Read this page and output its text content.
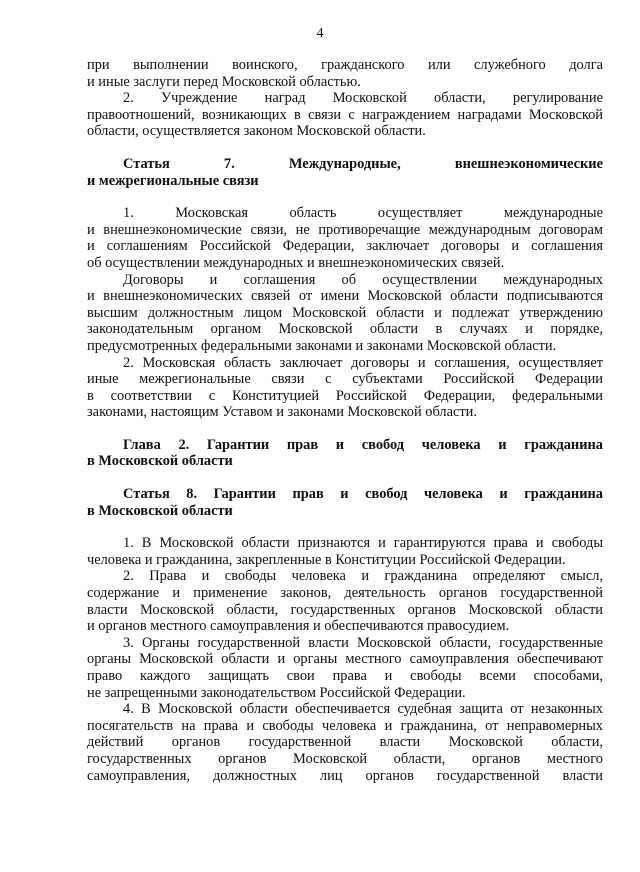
4
при выполнении воинского, гражданского или служебного долга
и иные заслуги перед Московской областью.
2. Учреждение наград Московской области, регулирование
правоотношений, возникающих в связи с награждением наградами Московской
области, осуществляется законом Московской области.
Статья 7. Международные, внешнеэкономические
и межрегиональные связи
1. Московская область осуществляет международные
и внешнеэкономические связи, не противоречащие международным договорам
и соглашениям Российской Федерации, заключает договоры и соглашения
об осуществлении международных и внешнеэкономических связей.
Договоры и соглашения об осуществлении международных
и внешнеэкономических связей от имени Московской области подписываются
высшим должностным лицом Московской области и подлежат утверждению
законодательным органом Московской области в случаях и порядке,
предусмотренных федеральными законами и законами Московской области.
2. Московская область заключает договоры и соглашения, осуществляет
иные межрегиональные связи с субъектами Российской Федерации
в соответствии с Конституцией Российской Федерации, федеральными
законами, настоящим Уставом и законами Московской области.
Глава 2. Гарантии прав и свобод человека и гражданина
в Московской области
Статья 8. Гарантии прав и свобод человека и гражданина
в Московской области
1. В Московской области признаются и гарантируются права и свободы
человека и гражданина, закрепленные в Конституции Российской Федерации.
2. Права и свободы человека и гражданина определяют смысл,
содержание и применение законов, деятельность органов государственной
власти Московской области, государственных органов Московской области
и органов местного самоуправления и обеспечиваются правосудием.
3. Органы государственной власти Московской области, государственные
органы Московской области и органы местного самоуправления обеспечивают
право каждого защищать свои права и свободы всеми способами,
не запрещенными законодательством Российской Федерации.
4. В Московской области обеспечивается судебная защита от незаконных
посягательств на права и свободы человека и гражданина, от неправомерных
действий органов государственной власти Московской области,
государственных органов Московской области, органов местного
самоуправления, должностных лиц органов государственной власти
